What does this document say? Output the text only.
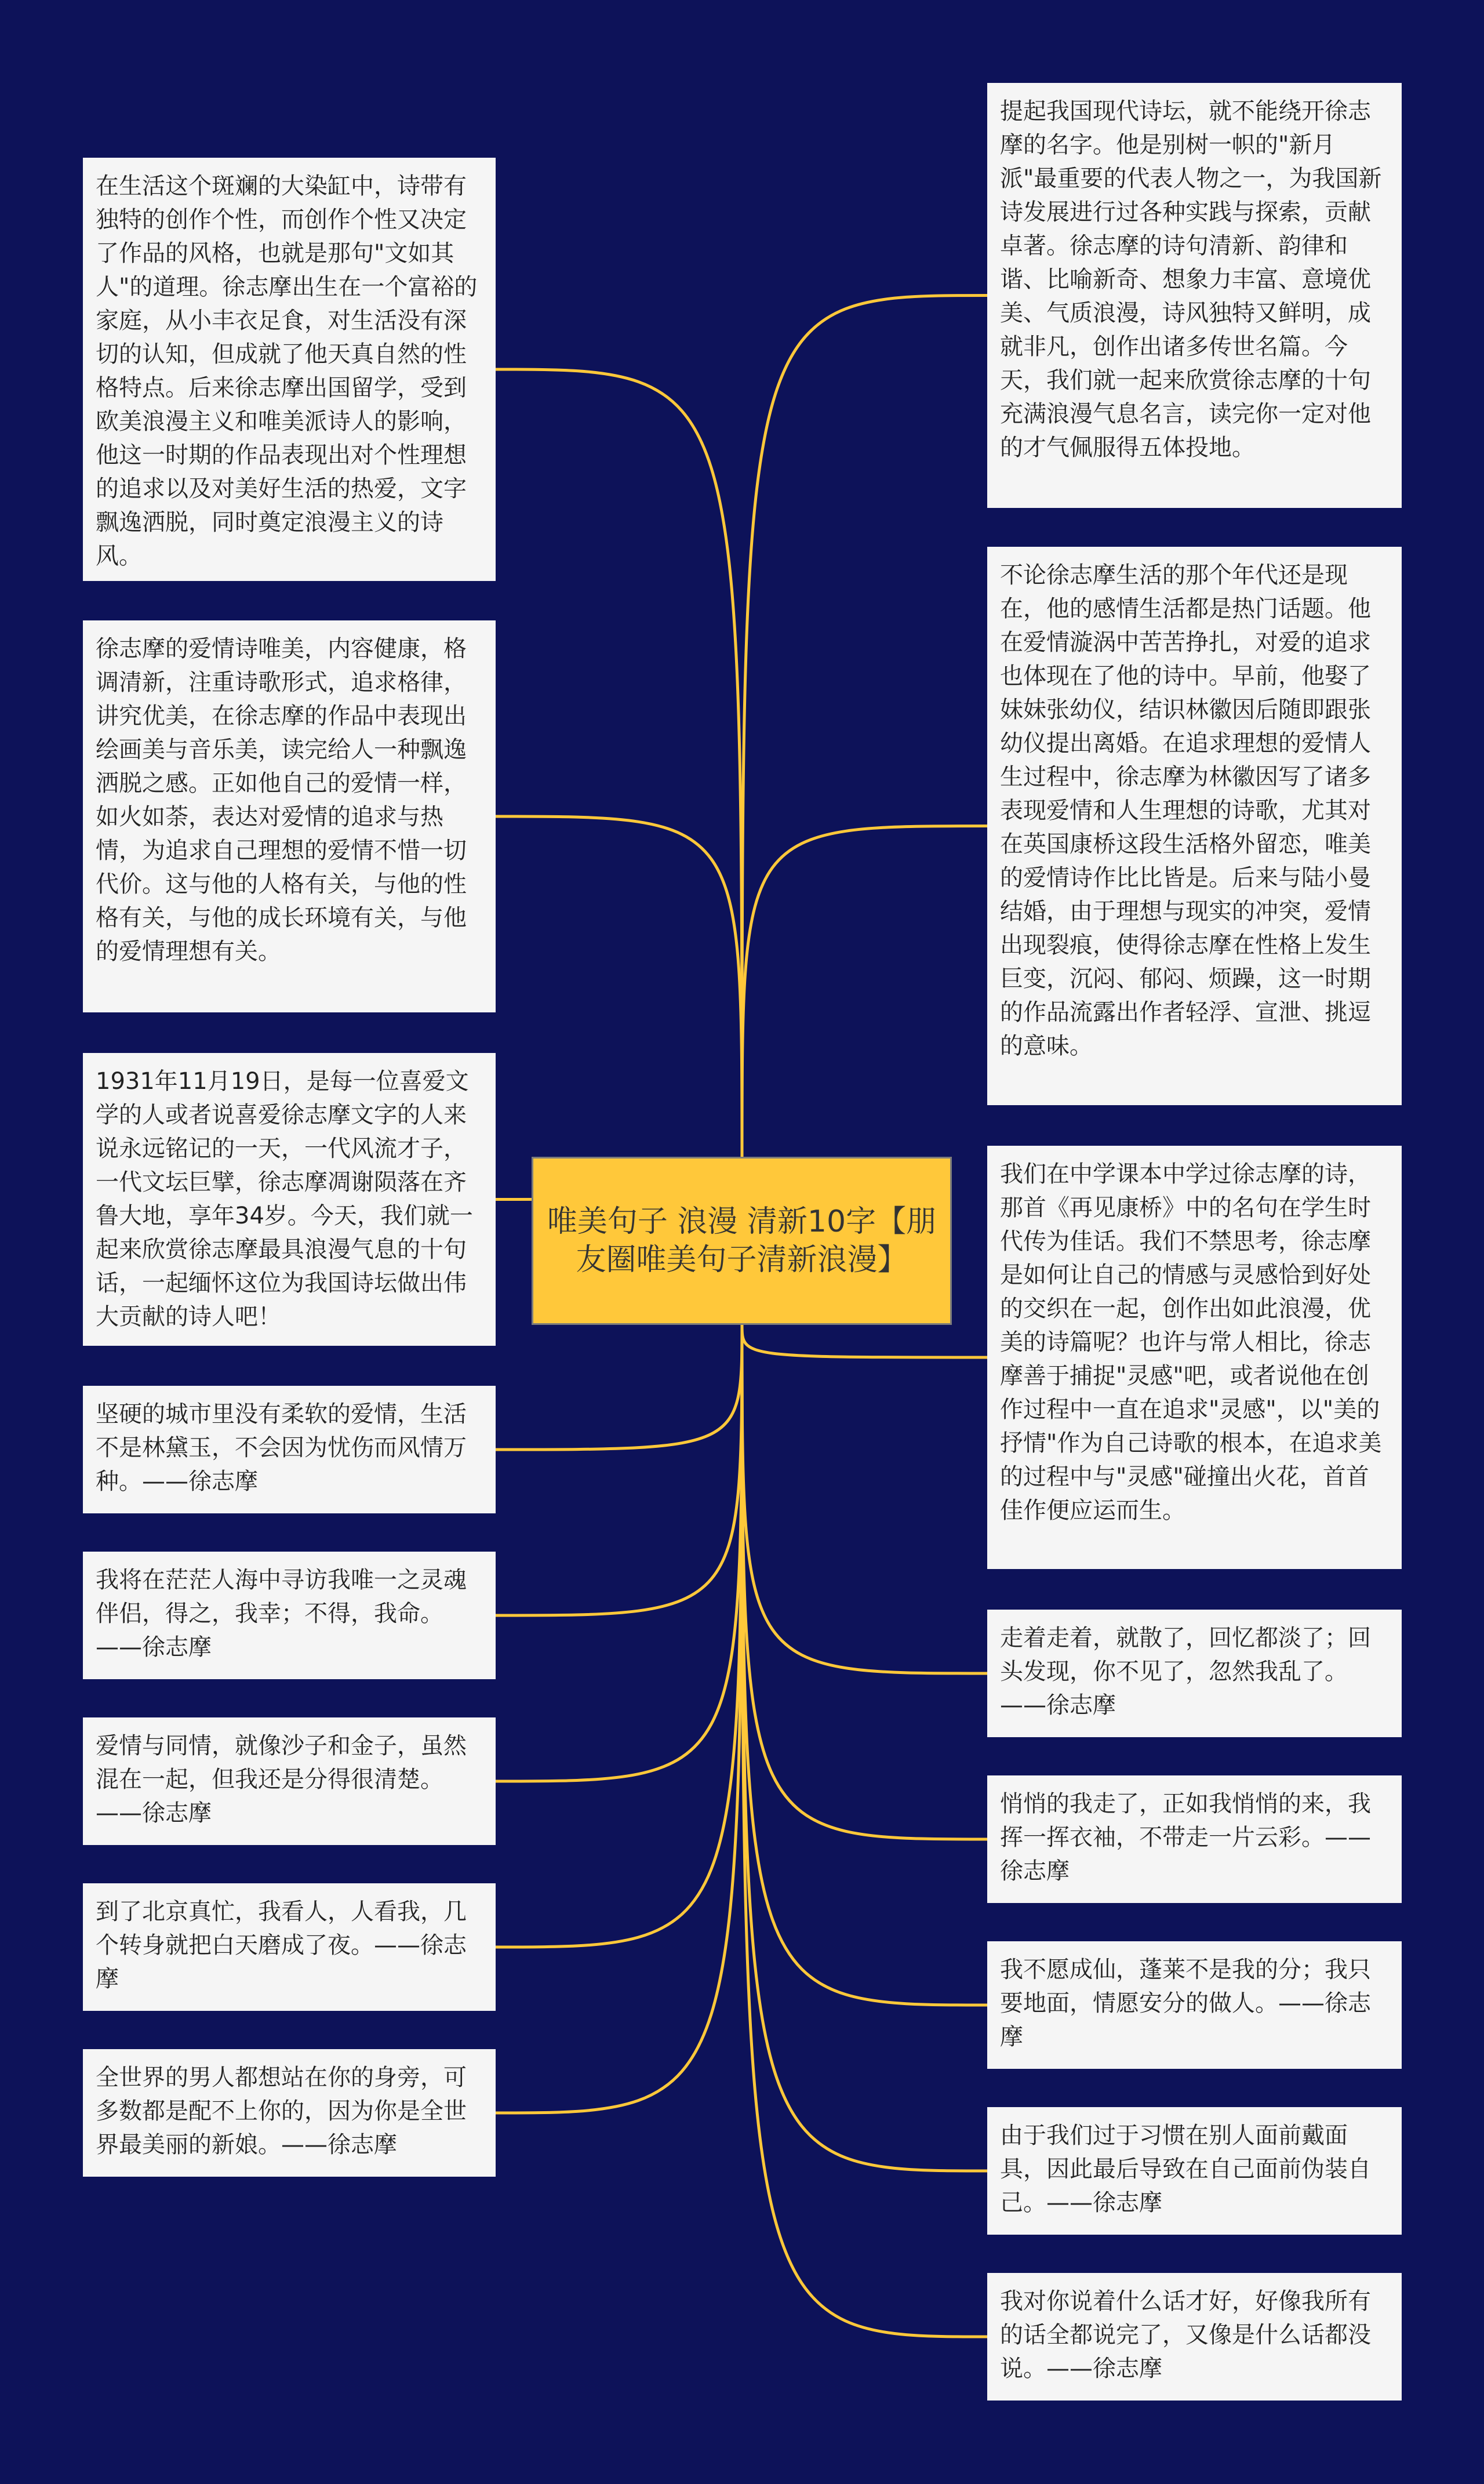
唯美句子 浪漫 清新10字【朋友圈唯美句子清新浪漫】
在生活这个斑斓的大染缸中，诗带有独特的创作个性，而创作个性又决定了作品的风格，也就是那句"文如其人"的道理。徐志摩出生在一个富裕的家庭，从小丰衣足食，对生活没有深切的认知，但成就了他天真自然的性格特点。后来徐志摩出国留学，受到欧美浪漫主义和唯美派诗人的影响，他这一时期的作品表现出对个性理想的追求以及对美好生活的热爱，文字飘逸洒脱，同时奠定浪漫主义的诗风。
徐志摩的爱情诗唯美，内容健康，格调清新，注重诗歌形式，追求格律，讲究优美，在徐志摩的作品中表现出绘画美与音乐美，读完给人一种飘逸洒脱之感。正如他自己的爱情一样，如火如荼，表达对爱情的追求与热情，为追求自己理想的爱情不惜一切代价。这与他的人格有关，与他的性格有关，与他的成长环境有关，与他的爱情理想有关。
1931年11月19日，是每一位喜爱文学的人或者说喜爱徐志摩文字的人来说永远铭记的一天，一代风流才子，一代文坛巨擘，徐志摩凋谢陨落在齐鲁大地，享年34岁。今天，我们就一起来欣赏徐志摩最具浪漫气息的十句话，一起缅怀这位为我国诗坛做出伟大贡献的诗人吧！
坚硬的城市里没有柔软的爱情，生活不是林黛玉，不会因为忧伤而风情万种。——徐志摩
我将在茫茫人海中寻访我唯一之灵魂伴侣，得之，我幸；不得，我命。——徐志摩
爱情与同情，就像沙子和金子，虽然混在一起，但我还是分得很清楚。——徐志摩
到了北京真忙，我看人，人看我，几个转身就把白天磨成了夜。——徐志摩
全世界的男人都想站在你的身旁，可多数都是配不上你的，因为你是全世界最美丽的新娘。——徐志摩
提起我国现代诗坛，就不能绕开徐志摩的名字。他是别树一帜的"新月派"最重要的代表人物之一，为我国新诗发展进行过各种实践与探索，贡献卓著。徐志摩的诗句清新、韵律和谐、比喻新奇、想象力丰富、意境优美、气质浪漫，诗风独特又鲜明，成就非凡，创作出诸多传世名篇。今天，我们就一起来欣赏徐志摩的十句充满浪漫气息名言，读完你一定对他的才气佩服得五体投地。
不论徐志摩生活的那个年代还是现在，他的感情生活都是热门话题。他在爱情漩涡中苦苦挣扎，对爱的追求也体现在了他的诗中。早前，他娶了妹妹张幼仪，结识林徽因后随即跟张幼仪提出离婚。在追求理想的爱情人生过程中，徐志摩为林徽因写了诸多表现爱情和人生理想的诗歌，尤其对在英国康桥这段生活格外留恋，唯美的爱情诗作比比皆是。后来与陆小曼结婚，由于理想与现实的冲突，爱情出现裂痕，使得徐志摩在性格上发生巨变，沉闷、郁闷、烦躁，这一时期的作品流露出作者轻浮、宣泄、挑逗的意味。
我们在中学课本中学过徐志摩的诗，那首《再见康桥》中的名句在学生时代传为佳话。我们不禁思考，徐志摩是如何让自己的情感与灵感恰到好处的交织在一起，创作出如此浪漫，优美的诗篇呢？也许与常人相比，徐志摩善于捕捉"灵感"吧，或者说他在创作过程中一直在追求"灵感"，以"美的抒情"作为自己诗歌的根本，在追求美的过程中与"灵感"碰撞出火花，首首佳作便应运而生。
走着走着，就散了，回忆都淡了；回头发现，你不见了，忽然我乱了。——徐志摩
悄悄的我走了，正如我悄悄的来，我挥一挥衣袖，不带走一片云彩。——徐志摩
我不愿成仙，蓬莱不是我的分；我只要地面，情愿安分的做人。——徐志摩
由于我们过于习惯在别人面前戴面具，因此最后导致在自己面前伪装自己。——徐志摩
我对你说着什么话才好，好像我所有的话全都说完了，又像是什么话都没说。——徐志摩
